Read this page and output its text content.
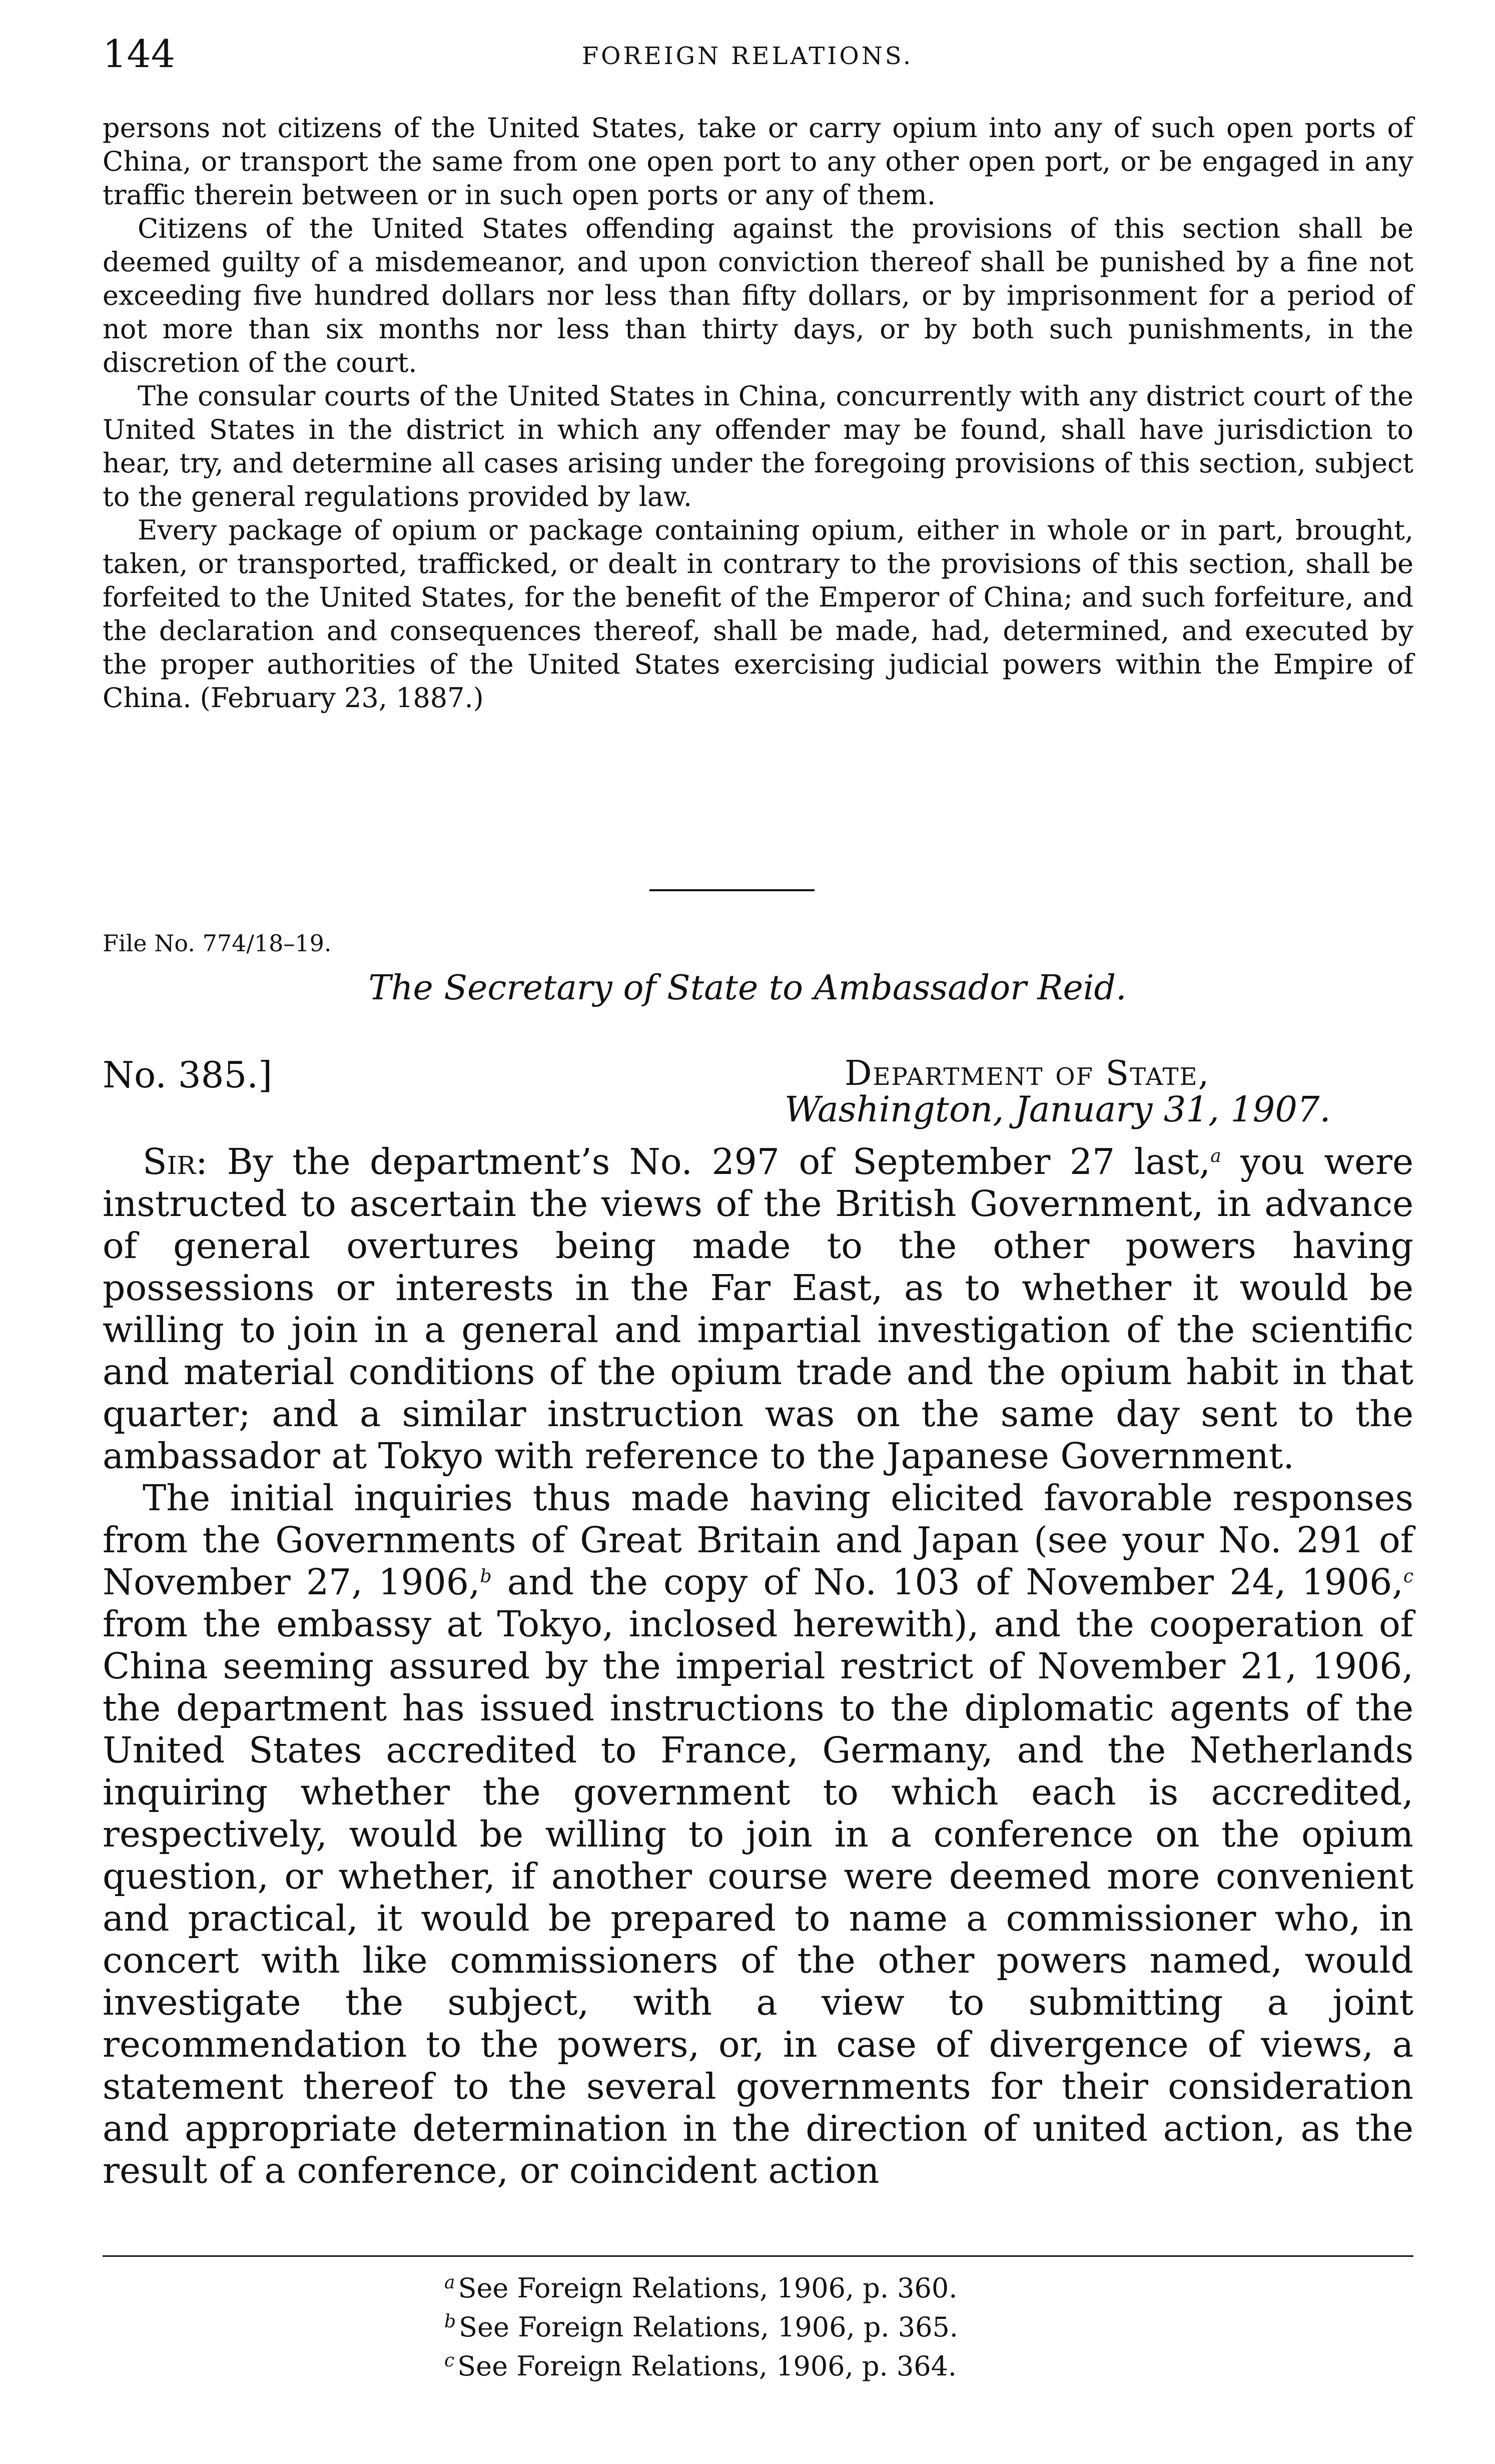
144	FOREIGN RELATIONS.

persons not citizens of the United States, take or carry opium into any of such open ports of China, or transport the same from one open port to any other open port, or be engaged in any traffic therein between or in such open ports or any of them.

Citizens of the United States offending against the provisions of this section shall be deemed guilty of a misdemeanor, and upon conviction thereof shall be punished by a fine not exceeding five hundred dollars nor less than fifty dollars, or by imprisonment for a period of not more than six months nor less than thirty days, or by both such punishments, in the discretion of the court.

The consular courts of the United States in China, concurrently with any district court of the United States in the district in which any offender may be found, shall have jurisdiction to hear, try, and determine all cases arising under the foregoing provisions of this section, subject to the general regulations provided by law.

Every package of opium or package containing opium, either in whole or in part, brought, taken, or transported, trafficked, or dealt in contrary to the provisions of this section, shall be forfeited to the United States, for the benefit of the Emperor of China; and such forfeiture, and the declaration and consequences thereof, shall be made, had, determined, and executed by the proper authorities of the United States exercising judicial powers within the Empire of China. (February 23, 1887.)

File No. 774/18–19.
The Secretary of State to Ambassador Reid.
No. 385.]	Department of State,
Washington, January 31, 1907.

Sir: By the department’s No. 297 of September 27 last,$^a$ you were instructed to ascertain the views of the British Government, in advance of general overtures being made to the other powers having possessions or interests in the Far East, as to whether it would be willing to join in a general and impartial investigation of the scientific and material conditions of the opium trade and the opium habit in that quarter; and a similar instruction was on the same day sent to the ambassador at Tokyo with reference to the Japanese Government.

The initial inquiries thus made having elicited favorable responses from the Governments of Great Britain and Japan (see your No. 291 of November 27, 1906,$^b$ and the copy of No. 103 of November 24, 1906,$^c$ from the embassy at Tokyo, inclosed herewith), and the cooperation of China seeming assured by the imperial restrict of November 21, 1906, the department has issued instructions to the diplomatic agents of the United States accredited to France, Germany, and the Netherlands inquiring whether the government to which each is accredited, respectively, would be willing to join in a conference on the opium question, or whether, if another course were deemed more convenient and practical, it would be prepared to name a commissioner who, in concert with like commissioners of the other powers named, would investigate the subject, with a view to submitting a joint recommendation to the powers, or, in case of divergence of views, a statement thereof to the several governments for their consideration and appropriate determination in the direction of united action, as the result of a conference, or coincident action

$^a$ See Foreign Relations, 1906, p. 360.
$^b$ See Foreign Relations, 1906, p. 365.
$^c$ See Foreign Relations, 1906, p. 364.
